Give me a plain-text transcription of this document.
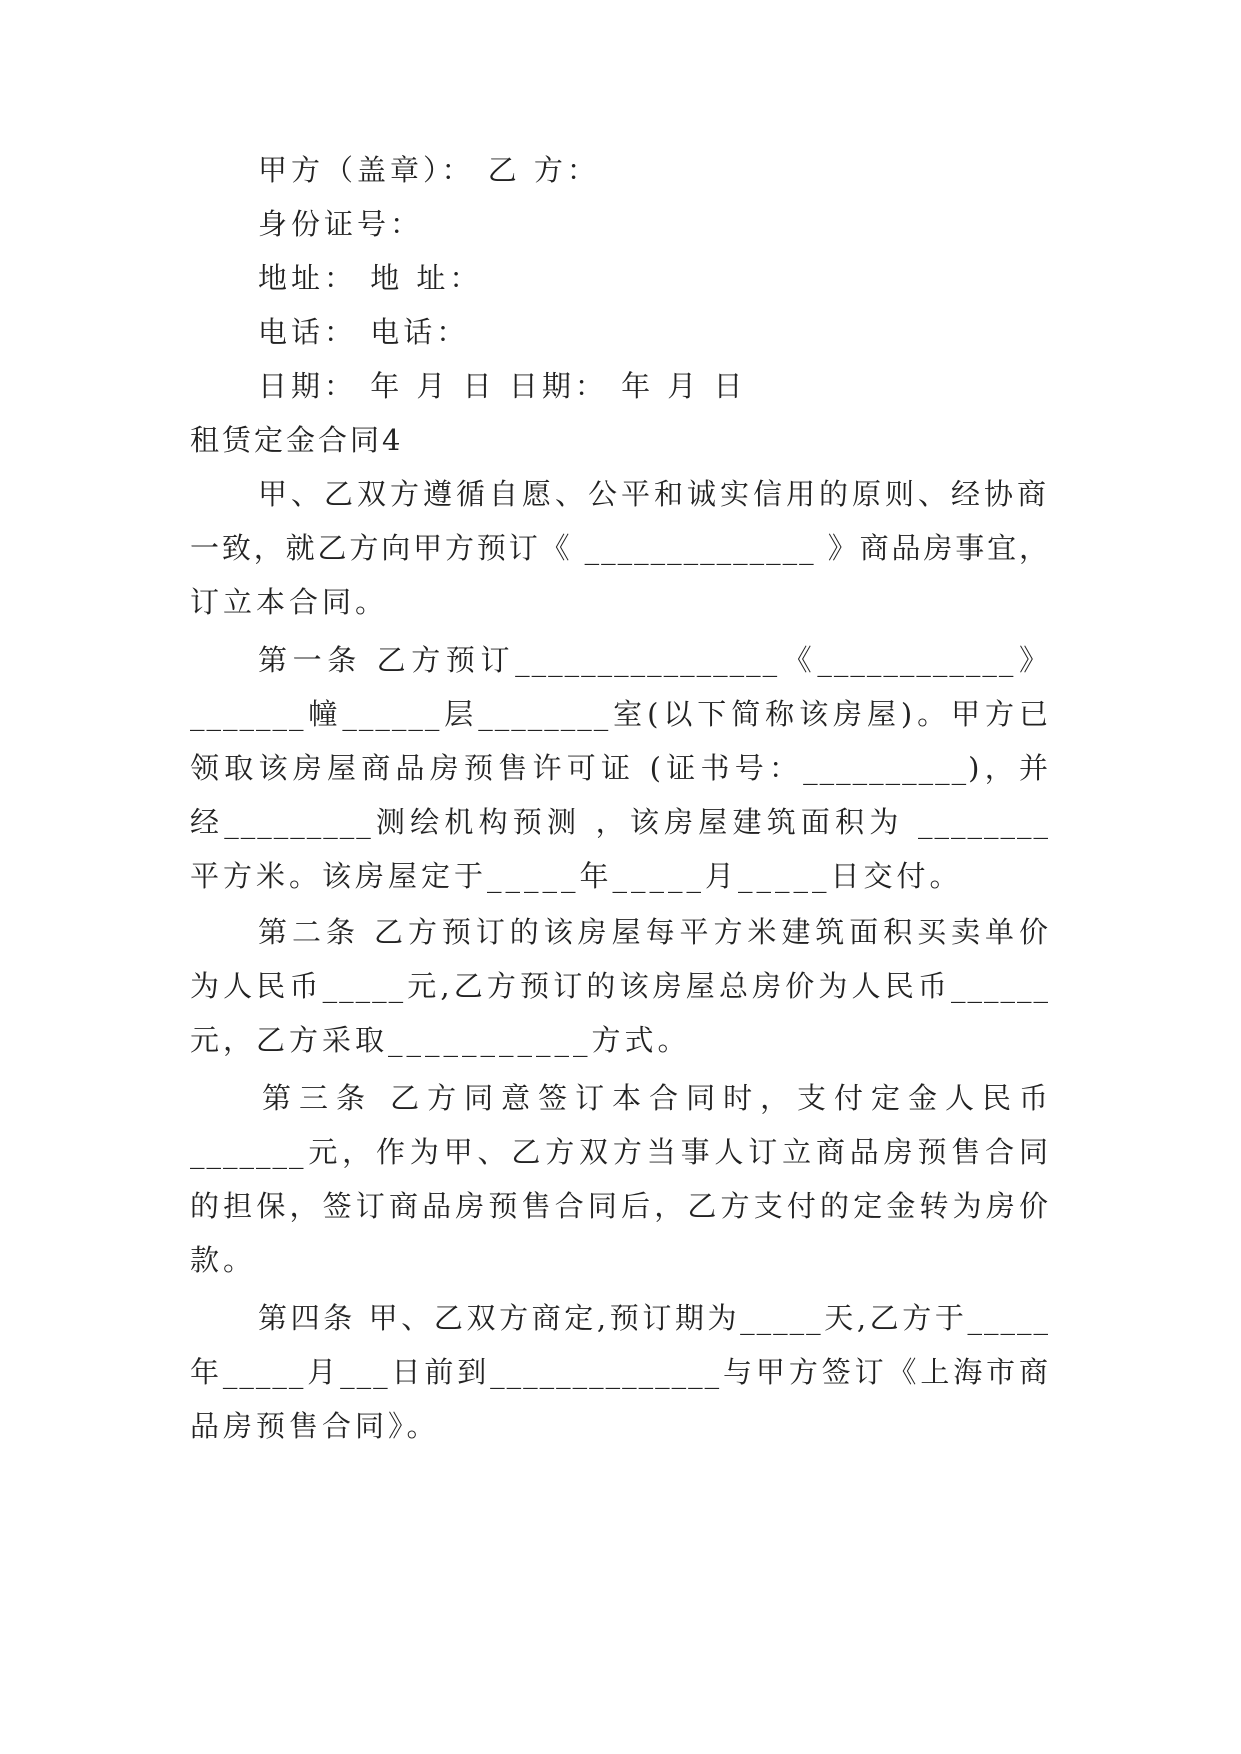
甲方（盖章）： 乙 方：
身份证号：
地址： 地 址：
电话： 电话：
日期： 年 月 日 日期： 年 月 日
租赁定金合同4
甲、乙双方遵循自愿、公平和诚实信用的原则、经协商
一致，就乙方向甲方预订《 ______________ 》商品房事宜，
订立本合同。
第一条 乙方预订________________《____________》
_______幢______层________室(以下简称该房屋)。甲方已
领取该房屋商品房预售许可证 (证书号：__________)，并
经_________测绘机构预测 ，该房屋建筑面积为 ________
平方米。该房屋定于_____年_____月_____日交付。
第二条 乙方预订的该房屋每平方米建筑面积买卖单价
为人民币_____元,乙方预订的该房屋总房价为人民币______
元，乙方采取___________方式。
第三条 乙方同意签订本合同时，支付定金人民币
_______元，作为甲、乙方双方当事人订立商品房预售合同
的担保，签订商品房预售合同后，乙方支付的定金转为房价
款。
第四条 甲、乙双方商定,预订期为_____天,乙方于_____
年_____月___日前到______________与甲方签订《上海市商
品房预售合同》。
